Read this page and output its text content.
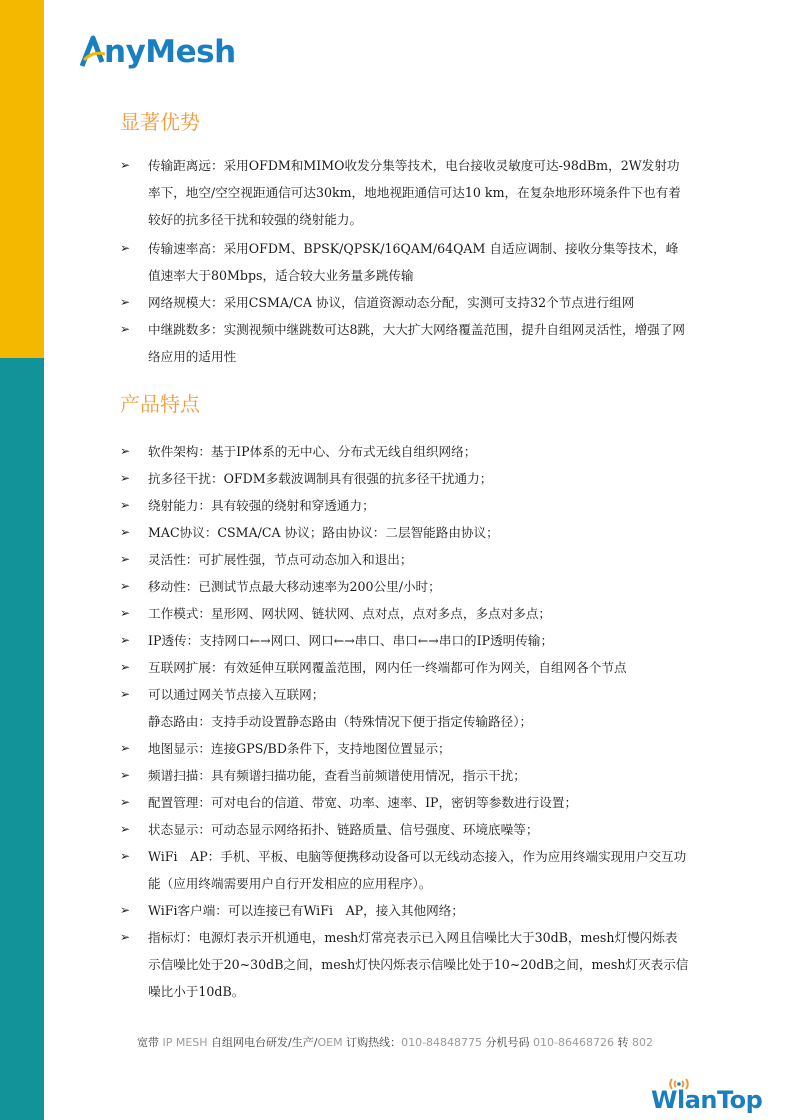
nyMesh
显著优势
➢ 传输距离远：采用OFDM和MIMO收发分集等技术，电台接收灵敏度可达-98dBm，2W发射功率下，地空/空空视距通信可达30km，地地视距通信可达10 km，在复杂地形环境条件下也有着较好的抗多径干扰和较强的绕射能力。
➢ 传输速率高：采用OFDM、BPSK/QPSK/16QAM/64QAM 自适应调制、接收分集等技术，峰值速率大于80Mbps，适合较大业务量多跳传输
➢ 网络规模大：采用CSMA/CA 协议，信道资源动态分配，实测可支持32个节点进行组网
➢ 中继跳数多：实测视频中继跳数可达8跳，大大扩大网络覆盖范围，提升自组网灵活性，增强了网络应用的适用性
产品特点
➢ 软件架构：基于IP体系的无中心、分布式无线自组织网络；
➢ 抗多径干扰：OFDM多载波调制具有很强的抗多径干扰通力；
➢ 绕射能力：具有较强的绕射和穿透通力；
➢ MAC协议：CSMA/CA 协议；路由协议：二层智能路由协议；
➢ 灵活性：可扩展性强，节点可动态加入和退出；
➢ 移动性：已测试节点最大移动速率为200公里/小时；
➢ 工作模式：星形网、网状网、链状网、点对点，点对多点，多点对多点；
➢ IP透传：支持网口←→网口、网口←→串口、串口←→串口的IP透明传输；
➢ 互联网扩展：有效延伸互联网覆盖范围，网内任一终端都可作为网关，自组网各个节点
➢ 可以通过网关节点接入互联网；
静态路由：支持手动设置静态路由（特殊情况下便于指定传输路径）；
➢ 地图显示：连接GPS/BD条件下，支持地图位置显示；
➢ 频谱扫描：具有频谱扫描功能，查看当前频谱使用情况，指示干扰；
➢ 配置管理：可对电台的信道、带宽、功率、速率、IP，密钥等参数进行设置；
➢ 状态显示：可动态显示网络拓扑、链路质量、信号强度、环境底噪等；
➢ WiFi　AP：手机、平板、电脑等便携移动设备可以无线动态接入，作为应用终端实现用户交互功能（应用终端需要用户自行开发相应的应用程序）。
➢ WiFi客户端：可以连接已有WiFi　AP，接入其他网络；
➢ 指标灯：电源灯表示开机通电，mesh灯常亮表示已入网且信噪比大于30dB，mesh灯慢闪烁表示信噪比处于20~30dB之间，mesh灯快闪烁表示信噪比处于10~20dB之间，mesh灯灭表示信噪比小于10dB。
宽带 IP MESH 自组网电台研发/生产/OEM 订购热线：010-84848775 分机号码 010-86468726 转 802
WlanTop
